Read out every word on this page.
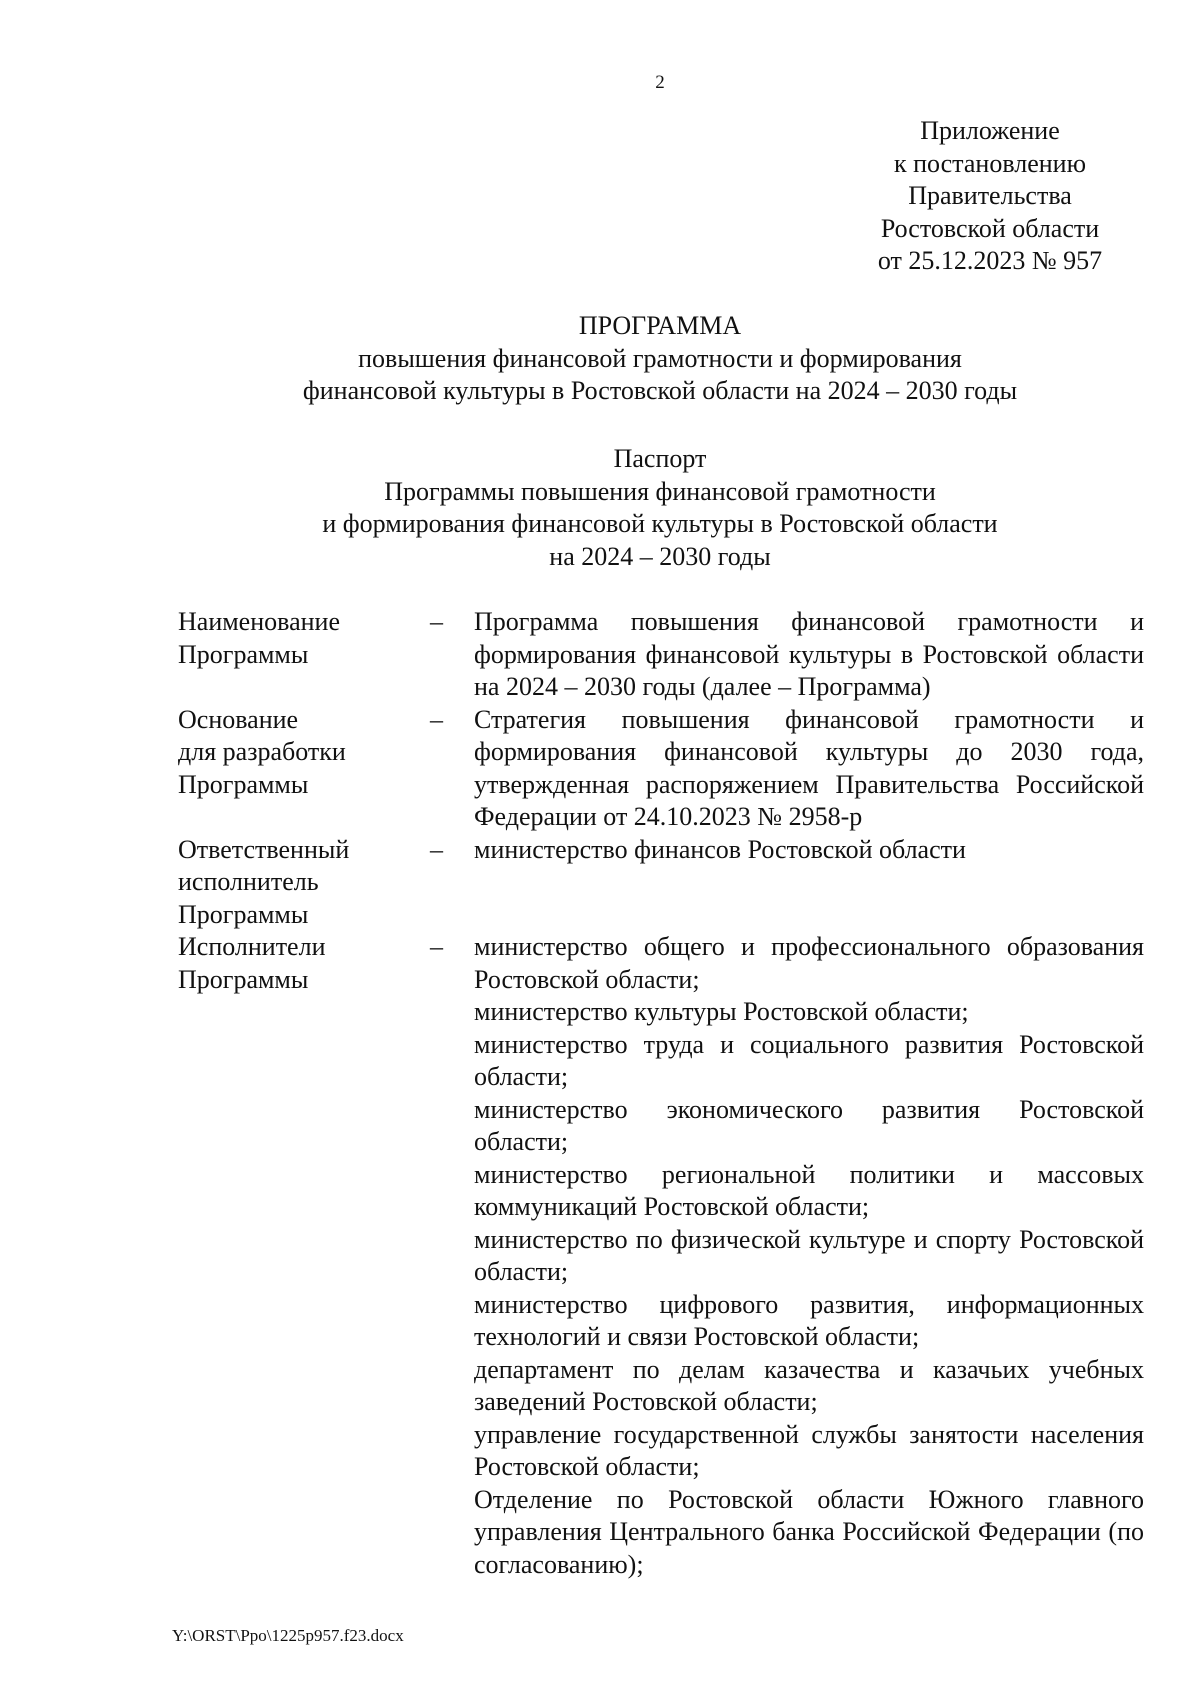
2
Приложение
к постановлению
Правительства
Ростовской области
от 25.12.2023 № 957
ПРОГРАММА
повышения финансовой грамотности и формирования
финансовой культуры в Ростовской области на 2024 – 2030 годы
Паспорт
Программы повышения финансовой грамотности
и формирования финансовой культуры в Ростовской области
на 2024 – 2030 годы
Наименование
Программы
–	Программа повышения финансовой грамотности и формирования финансовой культуры в Ростовской области на 2024 – 2030 годы (далее – Программа)

Основание
для разработки
Программы
–	Стратегия повышения финансовой грамотности и формирования финансовой культуры до 2030 года, утвержденная распоряжением Правительства Российской Федерации от 24.10.2023 № 2958-р

Ответственный
исполнитель
Программы
–	министерство финансов Ростовской области

Исполнители
Программы
–	министерство общего и профессионального образования Ростовской области;

министерство культуры Ростовской области;

министерство труда и социального развития Ростовской области;

министерство экономического развития Ростовской области;

министерство региональной политики и массовых коммуникаций Ростовской области;

министерство по физической культуре и спорту Ростовской области;

министерство цифрового развития, информационных технологий и связи Ростовской области;

департамент по делам казачества и казачьих учебных заведений Ростовской области;

управление государственной службы занятости населения Ростовской области;

Отделение по Ростовской области Южного главного управления Центрального банка Российской Федерации (по согласованию);

Y:\ORST\Ppo\1225p957.f23.docx
